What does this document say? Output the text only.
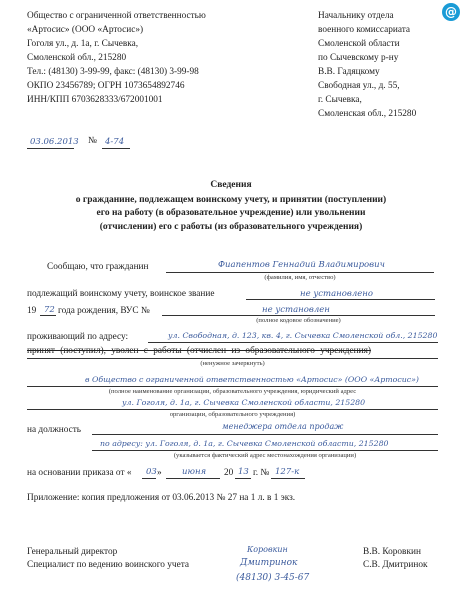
@
Общество с ограниченной ответственностью
«Артосис» (ООО «Артосис»)
Гоголя ул., д. 1а, г. Сычевка,
Смоленской обл., 215280
Тел.: (48130) 3-99-99, факс: (48130) 3-99-98
ОКПО 23456789; ОГРН 1073654892746
ИНН/КПП 6703628333/672001001
Начальнику отдела
военного комиссариата
Смоленской области
по Сычевскому р-ну
В.В. Гадяцкому
Свободная ул., д. 55,
г. Сычевка,
Смоленская обл., 215280
03.06.2013 № 4-74
Сведения
о гражданине, подлежащем воинскому учету, и принятии (поступлении)
его на работу (в образовательное учреждение) или увольнении
(отчислении) его с работы (из образовательного учреждения)
Сообщаю, что гражданин	Фиапентов Геннадий Владимирович
(фамилия, имя, отчество)
подлежащий воинскому учету, воинское звание	не установлено
19 72 года рождения, ВУС №	не установлен
(полное кодовое обозначение)
проживающий по адресу:	ул. Свободная, д. 123, кв. 4, г. Сычевка Смоленской обл., 215280
принят (поступил), уволен с работы (отчислен из образовательного учреждения)
(ненужное зачеркнуть)
в Общество с ограниченной ответственностью «Артосис» (ООО «Артосис»)
(полное наименование организации, образовательного учреждения, юридический адрес
ул. Гоголя, д. 1а, г. Сычевка Смоленской области, 215280
организации, образовательного учреждения)
на должность	менеджера отдела продаж
по адресу: ул. Гоголя, д. 1а, г. Сычевка Смоленской области, 215280
(указывается фактический адрес местонахождения организации)
на основании приказа от « 03 » июня 20 13 г. № 127-к
Приложение: копия предложения от 03.06.2013 № 27 на 1 л. в 1 экз.
Генеральный директор	Коровкин	В.В. Коровкин
Специалист по ведению воинского учета	Дмитринок	С.В. Дмитринок
(48130) 3-45-67
